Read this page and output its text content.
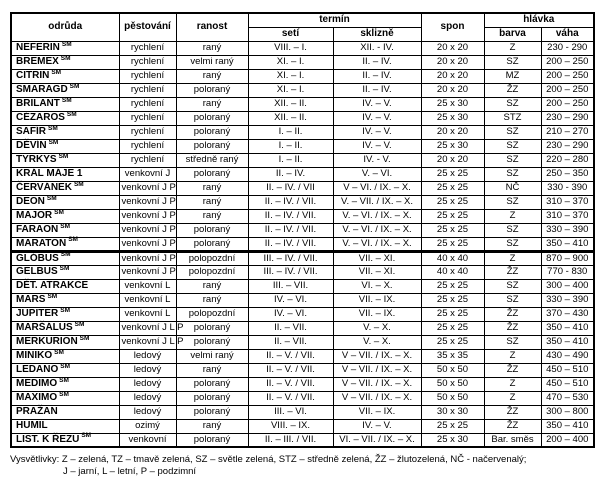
odrůda	pěstování	ranost	termín		spon	hlávka	
			setí	sklizně		barva	váha
NEFERIN ℠	rychlení	raný	VIII. – I.	XII. - IV.	20 x 20	Z	230 - 290
BREMEX ℠	rychlení	velmi raný	XI. – I.	II. – IV.	20 x 20	SZ	200 – 250
CITRIN ℠	rychlení	raný	XI. – I.	II. – IV.	20 x 20	MZ	200 – 250
SMARAGD ℠	rychlení	poloraný	XI. – I.	II. – IV.	20 x 20	ŽZ	200 – 250
BRILANT ℠	rychlení	raný	XII. – II.	IV. – V.	25 x 30	SZ	200 – 250
CÉZAROS ℠	rychlení	poloraný	XII. – II.	IV. – V.	25 x 30	STZ	230 – 290
SAFÍR ℠	rychlení	poloraný	I. – II.	IV. – V.	20 x 20	SZ	210 – 270
DĚVÍN ℠	rychlení	poloraný	I. – II.	IV. – V.	25 x 30	SZ	230 – 290
TYRKYS ℠	rychlení	středně raný	I. – II.	IV. - V.	20 x 20	SZ	220 – 280
KRÁL MÁJE 1	venkovní J	poloraný	II. – IV.	V. – VI.	25 x 25	SZ	250 – 350
ČERVÁNEK ℠	venkovní J P	raný	II. – IV. / VII	V – VI. / IX. – X.	25 x 25	NČ	330 - 390
DEON ℠	venkovní J P	raný	II. – IV. / VII.	V. – VII. / IX. – X.	25 x 25	SZ	310 – 370
MAJOR ℠	venkovní J P	raný	II. – IV. / VII.	V. – VI. / IX. – X.	25 x 25	Z	310 – 370
FARAON ℠	venkovní J P	poloraný	II. – IV. / VII.	V. – VI. / IX. – X.	25 x 25	SZ	330 – 390
MARATON ℠	venkovní J P	poloraný	II. – IV. / VII.	V. – VI. / IX. – X.	25 x 25	SZ	350 – 410
GLÓBUS ℠	venkovní J P	polopozdní	III. – IV. / VII.	VII. – XI.	40 x 40	Z	870 – 900
GELBUS ℠	venkovní J P	polopozdní	III. – IV. / VII.	VII. – XI.	40 x 40	ŽZ	770 - 830
DĚT. ATRAKCE	venkovní L	raný	III. – VII.	VI. – X.	25 x 25	SZ	300 – 400
MARS ℠	venkovní L	raný	IV. – VI.	VII. – IX.	25 x 25	SZ	330 – 390
JUPITER ℠	venkovní L	polopozdní	IV. – VI.	VII. – IX.	25 x 25	ŽZ	370 – 430
MARŠÁLUS ℠	venkovní J L P	poloraný	II. – VII.	V. – X.	25 x 25	ŽZ	350 – 410
MERKURION ℠	venkovní J L P	poloraný	II. – VII.	V. – X.	25 x 25	SZ	350 – 410
MINIKO ℠	ledový	velmi raný	II. – V. / VII.	V – VII. / IX. – X.	35 x 35	Z	430 – 490
LEDANO ℠	ledový	raný	II. – V. / VII.	V – VII. / IX. – X.	50 x 50	ŽZ	450 – 510
MEDIMO ℠	ledový	poloraný	II. – V. / VII.	V – VII. / IX. – X.	50 x 50	Z	450 – 510
MAXIMO ℠	ledový	poloraný	II. – V. / VII.	V – VII. / IX. – X.	50 x 50	Z	470 – 530
PRAŽAN	ledový	poloraný	III. – VI.	VII. – IX.	30 x 30	ŽZ	300 – 800
HUMIL	ozimý	raný	VIII. – IX.	IV. – V.	25 x 25	ŽZ	350 – 410
LIST. K ŘEZU ℠	venkovní	poloraný	II. – III. / VII.	VI. – VII. / IX. – X.	25 x 30	Bar. směs	200 – 400
Vysvětlivky: Z – zelená, TZ – tmavě zelená, SZ – světle zelená, STZ – středně zelená, ŽZ – žlutozelená, NČ - načervenalý;
J – jarní, L – letní, P – podzimní
